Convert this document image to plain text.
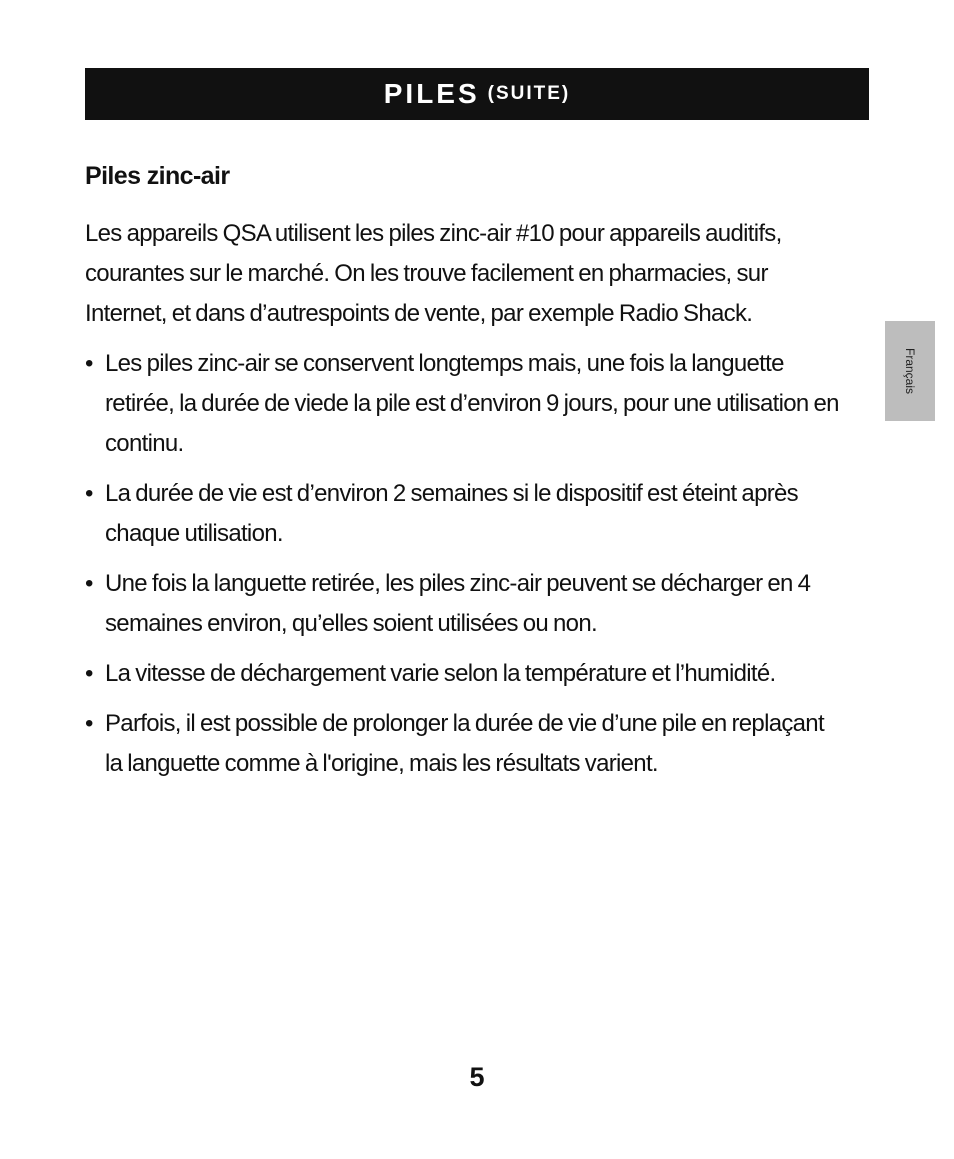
PILES (SUITE)
Piles zinc-air

Les appareils QSA utilisent les piles zinc-air #10 pour appareils auditifs, courantes sur le marché. On les trouve facilement en pharmacies, sur Internet, et dans d’autrespoints de vente, par exemple Radio Shack.

• Les piles zinc-air se conservent longtemps mais, une fois la languette retirée, la durée de viede la pile est d’environ 9 jours, pour une utilisation en continu.
• La durée de vie est d’environ 2 semaines si le dispositif est éteint après chaque utilisation.
• Une fois la languette retirée, les piles zinc-air peuvent se décharger en 4 semaines environ, qu’elles soient utilisées ou non.
• La vitesse de déchargement varie selon la température et l’humidité.
• Parfois, il est possible de prolonger la durée de vie d’une pile en replaçant la languette comme à l'origine, mais les résultats varient.
Français
5
